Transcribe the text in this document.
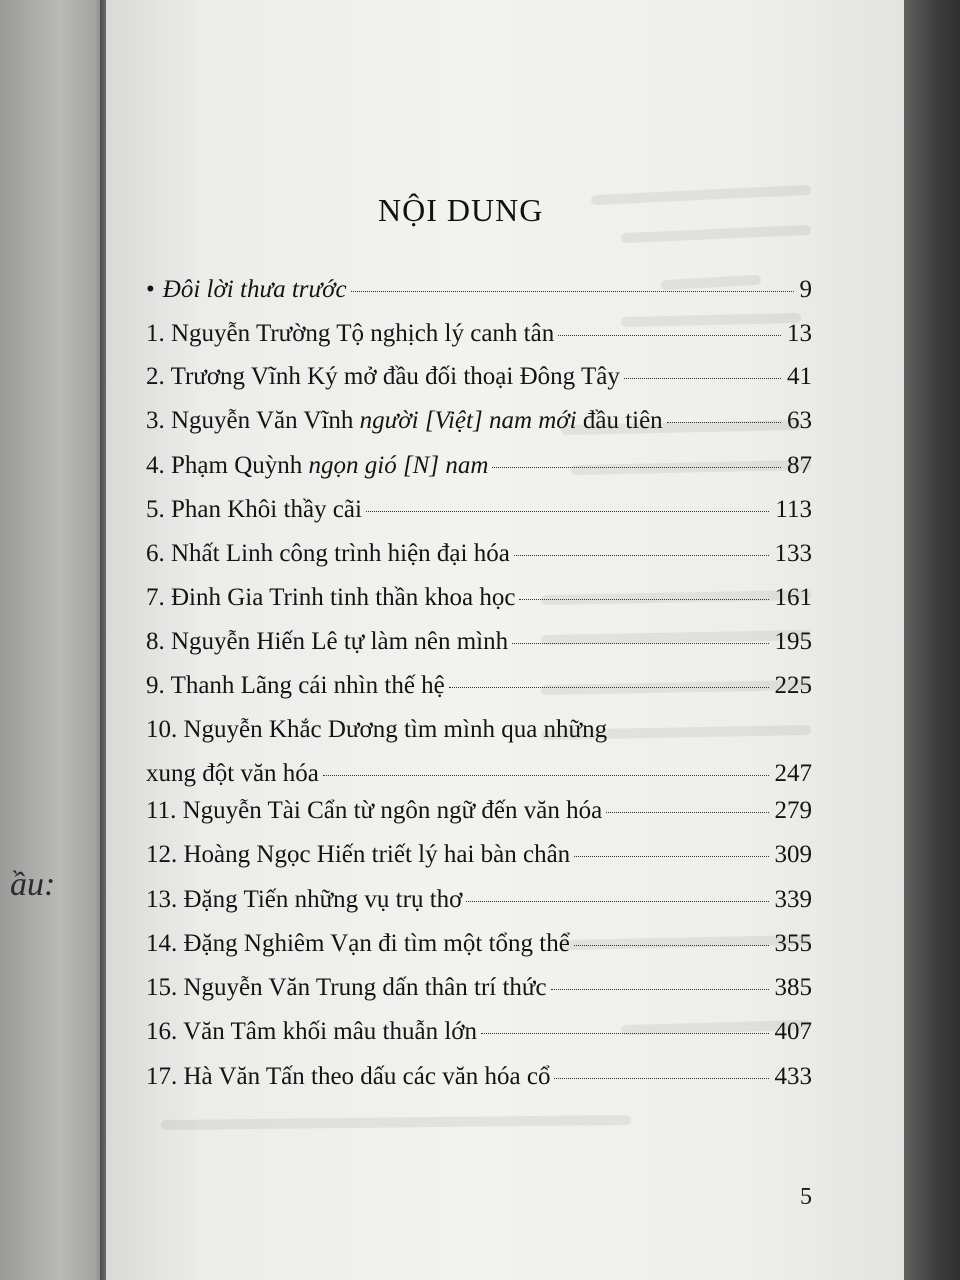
ầu:
NỘI DUNG
• Đôi lời thưa trước	9
1. Nguyễn Trường Tộ nghịch lý canh tân	13
2. Trương Vĩnh Ký mở đầu đối thoại Đông Tây	41
3. Nguyễn Văn Vĩnh người [Việt] nam mới đầu tiên	63
4. Phạm Quỳnh ngọn gió [N] nam	87
5. Phan Khôi thầy cãi	113
6. Nhất Linh công trình hiện đại hóa	133
7. Đinh Gia Trinh tinh thần khoa học	161
8. Nguyễn Hiến Lê tự làm nên mình	195
9. Thanh Lãng cái nhìn thế hệ	225
10. Nguyễn Khắc Dương tìm mình qua những
xung đột văn hóa	247
11. Nguyễn Tài Cẩn từ ngôn ngữ đến văn hóa	279
12. Hoàng Ngọc Hiến triết lý hai bàn chân	309
13. Đặng Tiến những vụ trụ thơ	339
14. Đặng Nghiêm Vạn đi tìm một tổng thể	355
15. Nguyễn Văn Trung dấn thân trí thức	385
16. Văn Tâm khối mâu thuẫn lớn	407
17. Hà Văn Tấn theo dấu các văn hóa cổ	433
5
